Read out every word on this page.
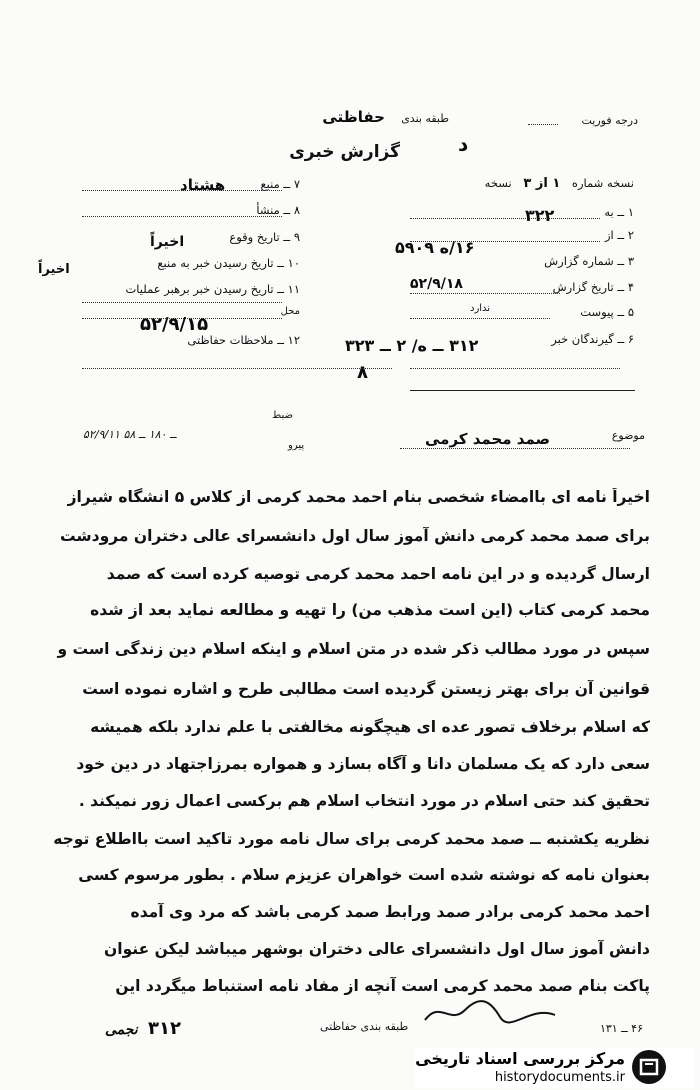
درجه فوریت
طبقه بندی
حفاظتی
د
گزارش خبری
نسخه شماره ۱ از ۳ نسخه
۱ ــ به
۲ ــ از
۳۲۲
۳ ــ شماره گزارش
۱۶/ه ۵۹۰۹
۴ ــ تاریخ گزارش
۵۲/۹/۱۸
۵ ــ پیوست
ندارد
۶ ــ گیرندگان خبر
۳۱۲ ــ ه/ ۲ ــ ۳۲۳
۸
۷ ــ منبع
هشتاد
۸ ــ منشأ
۹ ــ تاریخ وقوع
اخیراً
۱۰ ــ تاریخ رسیدن خبر به منبع
اخیراً
۱۱ ــ تاریخ رسیدن خبر برهبر عملیات
محل
۱۲ ــ ملاحظات حفاظتی
۵۲/۹/۱۵
۵۲/۹/۱۱ ــ ۱۸۰ ــ ۵۸
ضبط
پیرو
موضوع
صمد محمد کرمی
اخیراً نامه ای باامضاء شخصی بنام احمد محمد کرمی از کلاس ۵ انشگاه شیراز
برای صمد محمد کرمی دانش آموز سال اول دانشسرای عالی دختران مرودشت
ارسال گردیده و در این نامه احمد محمد کرمی توصیه کرده است که صمد
محمد کرمی کتاب (این است مذهب من) را تهیه و مطالعه نماید بعد از شده
سپس در مورد مطالب ذکر شده در متن اسلام و اینکه اسلام دین زندگی است و
قوانین آن برای بهتر زیستن گردیده است مطالبی طرح و اشاره نموده است
که اسلام برخلاف تصور عده ای هیچگونه مخالفتی با علم ندارد بلکه همیشه
سعی دارد که یک مسلمان دانا و آگاه بسازد و همواره بمرزاجتهاد در دین خود
تحقیق کند حتی اسلام در مورد انتخاب اسلام هم برکسی اعمال زور نمیکند .
نظریه یکشنبه ــ صمد محمد کرمی برای سال نامه مورد تاکید است بااطلاع توجه
بعنوان نامه که نوشته شده است خواهران عزیزم سلام . بطور مرسوم کسی
احمد محمد کرمی برادر صمد ورابط صمد کرمی باشد که مرد وی آمده
دانش آموز سال اول دانشسرای عالی دختران بوشهر میباشد لیکن عنوان
پاکت بنام صمد محمد کرمی است آنچه از مفاد نامه استنباط میگردد این
طبقه بندی حفاظتی	۴۶ ــ ۱۳۱
۳۱۲
نجمی
مرکز بررسی اسناد تاریخی
historydocuments.ir
